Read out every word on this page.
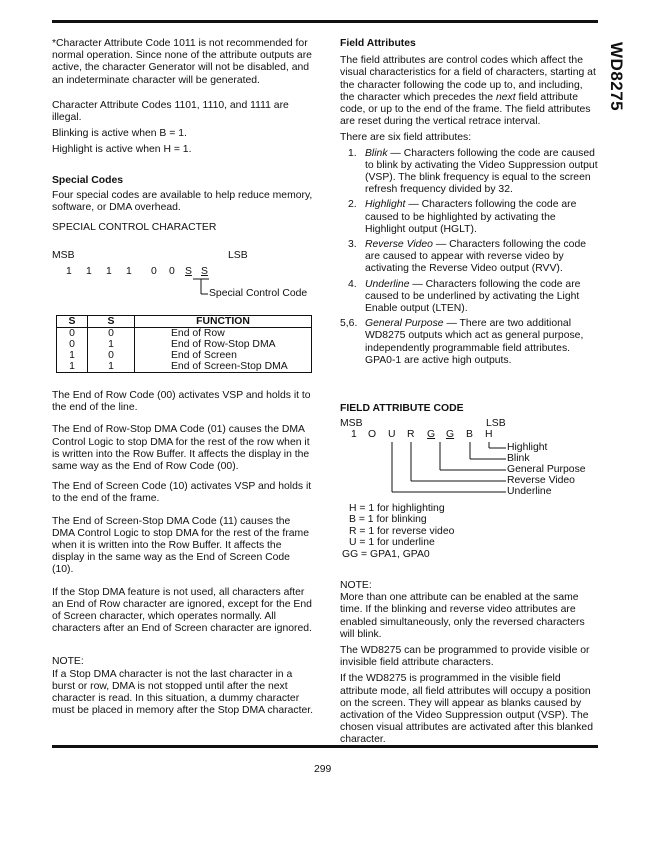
WD8275

*Character Attribute Code 1011 is not recommended for normal operation. Since none of the attribute outputs are active, the character Generator will not be disabled, and an indeterminate character will be generated.

Character Attribute Codes 1101, 1110, and 1111 are illegal.

Blinking is active when B = 1.

Highlight is active when H = 1.

Special Codes

Four special codes are available to help reduce memory, software, or DMA overhead.

SPECIAL CONTROL CHARACTER

MSB	LSB
1 1 1 1 0 0 S S
Special Control Code
S	S	FUNCTION
0	0	End of Row
0	1	End of Row-Stop DMA
1	0	End of Screen
1	1	End of Screen-Stop DMA

The End of Row Code (00) activates VSP and holds it to the end of the line.

The End of Row-Stop DMA Code (01) causes the DMA Control Logic to stop DMA for the rest of the row when it is written into the Row Buffer. It affects the display in the same way as the End of Row Code (00).

The End of Screen Code (10) activates VSP and holds it to the end of the frame.

The End of Screen-Stop DMA Code (11) causes the DMA Control Logic to stop DMA for the rest of the frame when it is written into the Row Buffer. It affects the display in the same way as the End of Screen Code (10).

If the Stop DMA feature is not used, all characters after an End of Row character are ignored, except for the End of Screen character, which operates normally. All characters after an End of Screen character are ignored.

NOTE:

If a Stop DMA character is not the last character in a burst or row, DMA is not stopped until after the next character is read. In this situation, a dummy character must be placed in memory after the Stop DMA character.

Field Attributes

The field attributes are control codes which affect the visual characteristics for a field of characters, starting at the character following the code up to, and including, the character which precedes the next field attribute code, or up to the end of the frame. The field attributes are reset during the vertical retrace interval.

There are six field attributes:

1. Blink — Characters following the code are caused to blink by activating the Video Suppression output (VSP). The blink frequency is equal to the screen refresh frequency divided by 32.
2. Highlight — Characters following the code are caused to be highlighted by activating the Highlight output (HGLT).
3. Reverse Video — Characters following the code are caused to appear with reverse video by activating the Reverse Video output (RVV).
4. Underline — Characters following the code are caused to be underlined by activating the Light Enable output (LTEN).
5,6. General Purpose — There are two additional WD8275 outputs which act as general purpose, independently programmable field attributes. GPA0-1 are active high outputs.

FIELD ATTRIBUTE CODE

MSB	LSB
1 O U R G G B H
Highlight
Blink
General Purpose
Reverse Video
Underline

H = 1 for highlighting

B = 1 for blinking

R = 1 for reverse video

U = 1 for underline

GG = GPA1, GPA0

NOTE:

More than one attribute can be enabled at the same time. If the blinking and reverse video attributes are enabled simultaneously, only the reversed characters will blink.

The WD8275 can be programmed to provide visible or invisible field attribute characters.

If the WD8275 is programmed in the visible field attribute mode, all field attributes will occupy a position on the screen. They will appear as blanks caused by activation of the Video Suppression output (VSP). The chosen visual attributes are activated after this blanked character.

299
